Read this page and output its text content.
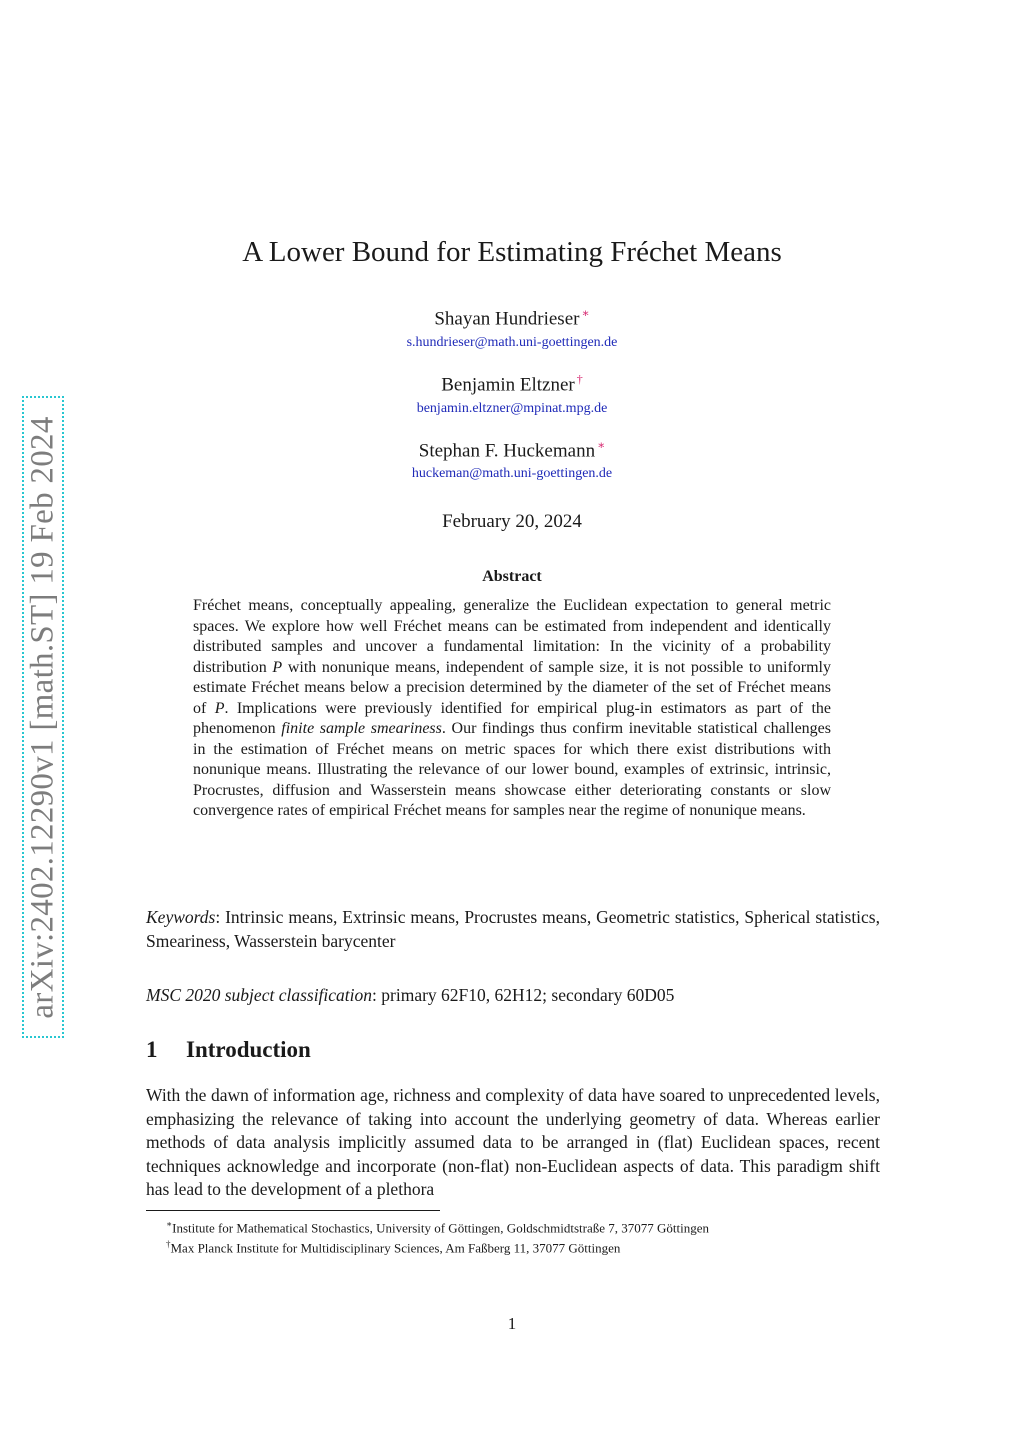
arXiv:2402.12290v1 [math.ST] 19 Feb 2024
A Lower Bound for Estimating Fréchet Means
Shayan Hundrieser ∗
s.hundrieser@math.uni-goettingen.de
Benjamin Eltzner †
benjamin.eltzner@mpinat.mpg.de
Stephan F. Huckemann ∗
huckeman@math.uni-goettingen.de
February 20, 2024
Abstract

Fréchet means, conceptually appealing, generalize the Euclidean expectation to general metric spaces. We explore how well Fréchet means can be estimated from independent and identically distributed samples and uncover a fundamental limitation: In the vicinity of a probability distribution P with nonunique means, independent of sample size, it is not possible to uniformly estimate Fréchet means below a precision determined by the diameter of the set of Fréchet means of P. Implications were previously identified for empirical plug-in estimators as part of the phenomenon finite sample smeariness. Our findings thus confirm inevitable statistical challenges in the estimation of Fréchet means on metric spaces for which there exist distributions with nonunique means. Illustrating the relevance of our lower bound, examples of extrinsic, intrinsic, Procrustes, diffusion and Wasserstein means showcase either deteriorating constants or slow convergence rates of empirical Fréchet means for samples near the regime of nonunique means.

Keywords: Intrinsic means, Extrinsic means, Procrustes means, Geometric statistics, Spherical statistics, Smeariness, Wasserstein barycenter

MSC 2020 subject classification: primary 62F10, 62H12; secondary 60D05

1 Introduction

With the dawn of information age, richness and complexity of data have soared to unprecedented levels, emphasizing the relevance of taking into account the underlying geometry of data. Whereas earlier methods of data analysis implicitly assumed data to be arranged in (flat) Euclidean spaces, recent techniques acknowledge and incorporate (non-flat) non-Euclidean aspects of data. This paradigm shift has lead to the development of a plethora

∗Institute for Mathematical Stochastics, University of Göttingen, Goldschmidtstraße 7, 37077 Göttingen
†Max Planck Institute for Multidisciplinary Sciences, Am Faßberg 11, 37077 Göttingen
1
